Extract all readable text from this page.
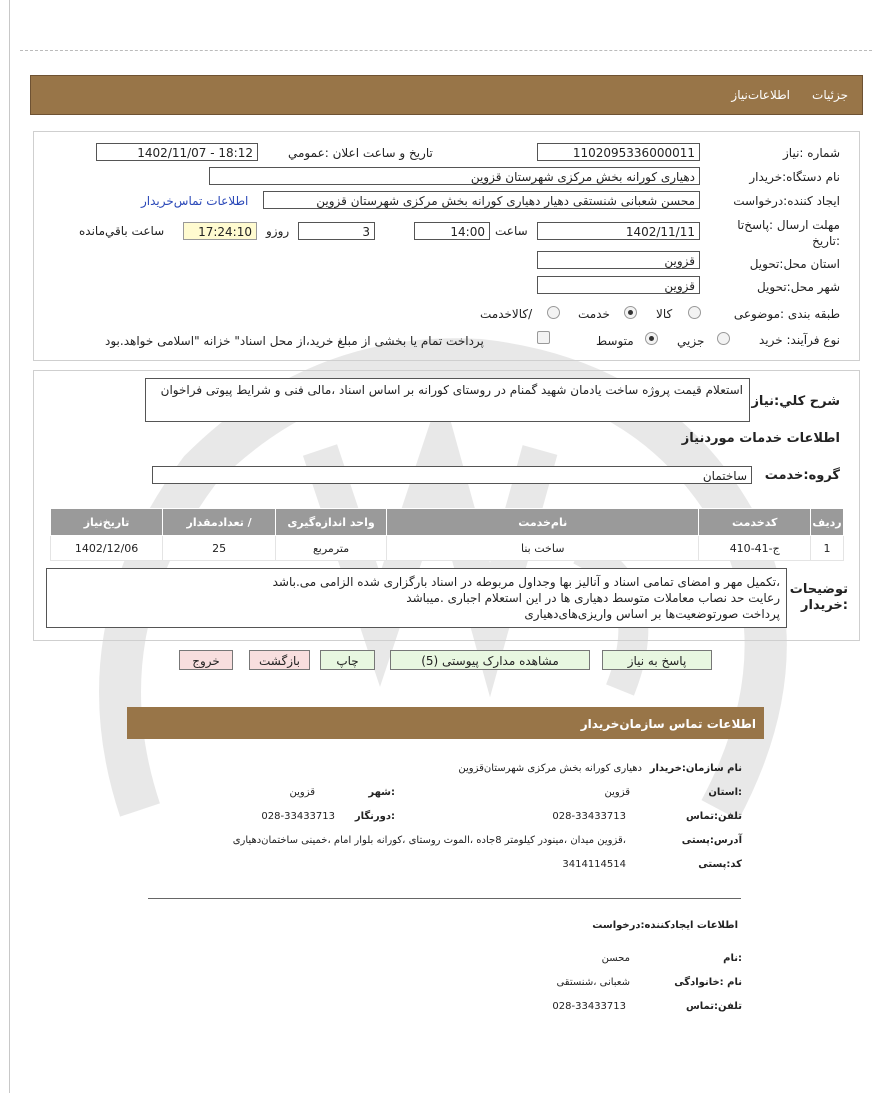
جزئیات
اطلاعات‌نیاز
شماره :نیاز
1102095336000011
تاریخ و ساعت اعلان :عمومي
1402/11/07 - 18:12
نام دستگاه:خریدار
دهیاری کورانه بخش مرکزی شهرستان قزوین
ایجاد کننده:درخواست
محسن شعبانی شنستقی دهیار دهیاری کورانه بخش مرکزی شهرستان قزوین
اطلاعات تماس‌خریدار
مهلت ارسال :پاسخ‌تا :تاریخ
1402/11/11
ساعت
14:00
3
روزو
17:24:10
ساعت باقي‌مانده
استان محل:تحویل
قزوین
شهر محل:تحویل
قزوین
طبقه بندی :موضوعی
کالا
خدمت
/کالاخدمت
نوع فرآیند: خرید
جزیي
متوسط
پرداخت تمام یا بخشی از مبلغ خرید،از محل اسناد" خزانه "اسلامی خواهد.بود
شرح کلي:نیاز
استعلام قیمت پروژه ساخت یادمان شهید گمنام در روستای کورانه بر اساس اسناد ،مالی فنی و شرایط پیوتی فراخوان
اطلاعات خدمات موردنیاز
گروه:خدمت
ساختمان
ردیف	کدخدمت	نام‌خدمت	واحد اندازه‌گیری	/ تعدادمقدار	تاریخ‌نیاز
1	ج-41-410	ساخت بنا	مترمربع	25	1402/12/06
توضیحات :خریدار
،تکمیل مهر و امضای تمامی اسناد و آنالیز بها وجداول مربوطه در اسناد بارگزاری شده الزامی می.باشد
رعایت حد نصاب معاملات متوسط دهیاری ها در این استعلام اجباری .میباشد
پرداخت صورتوضعیت‌ها بر اساس واریزی‌های‌دهیاری
پاسخ به نیاز
مشاهده مدارک پیوستی (5)
چاپ
بازگشت
خروج
اطلاعات تماس سازمان‌خریدار
نام سازمان:خریدار
دهیاری کورانه بخش مرکزی شهرستان‌قزوین
:استان
قزوین
:شهر
قزوین
تلفن:تماس
028-33433713
:دورنگار
028-33433713
آدرس:پستی
،قزوین میدان ،مینودر کیلومتر 8جاده ،الموت روستای ،کورانه بلوار امام ،خمینی ساختمان‌دهیاری
کد:پستی
3414114514
اطلاعات ایجادکننده:درخواست
:نام
محسن
نام :خانوادگی
شعبانی ،شنستقی
تلفن:تماس
028-33433713
